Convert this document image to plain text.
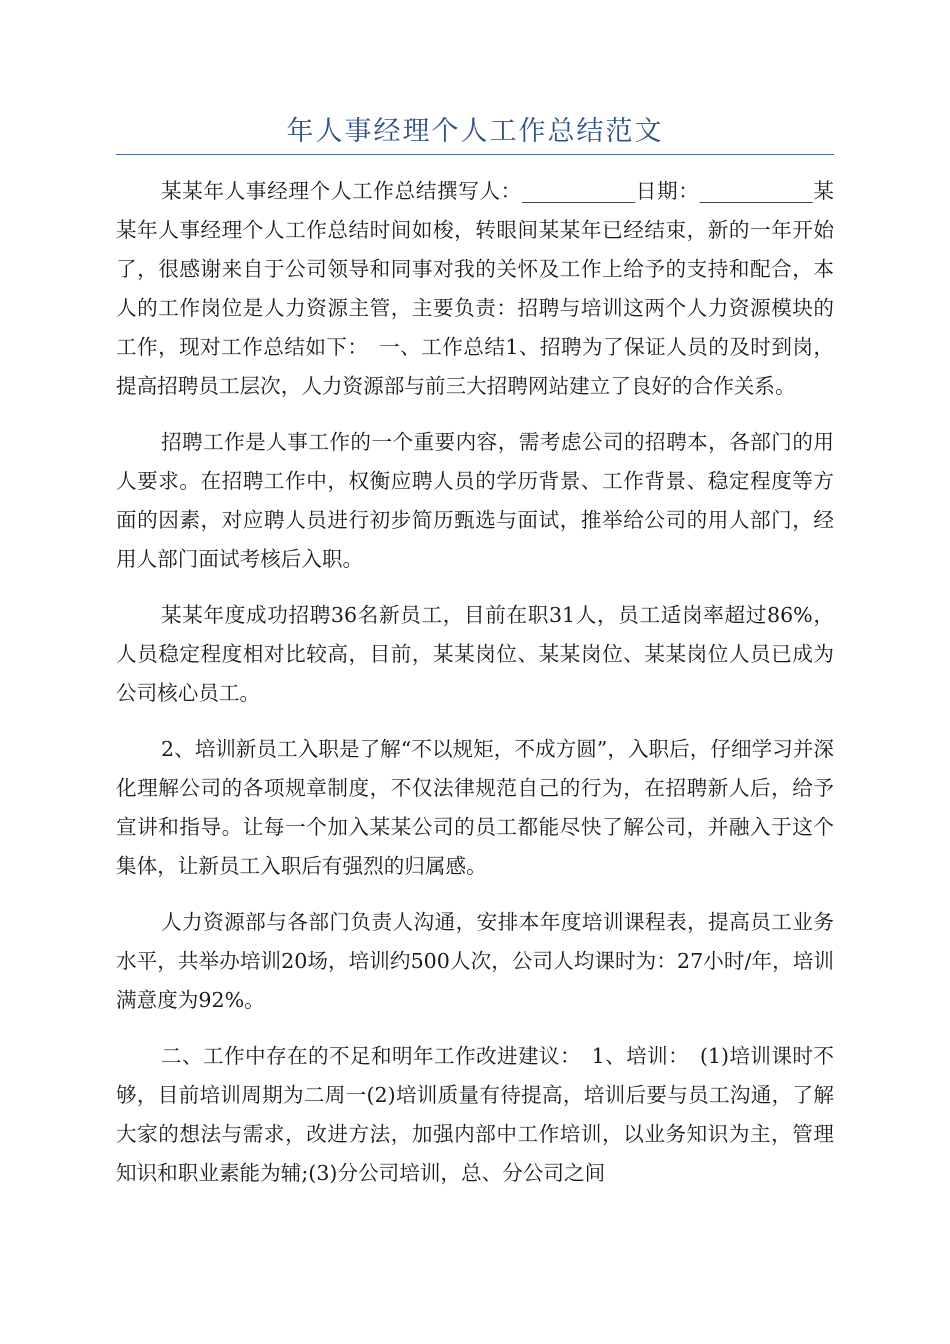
年人事经理个人工作总结范文

某某年人事经理个人工作总结撰写人：___________日期：___________某某年人事经理个人工作总结时间如梭，转眼间某某年已经结束，新的一年开始了，很感谢来自于公司领导和同事对我的关怀及工作上给予的支持和配合，本人的工作岗位是人力资源主管，主要负责：招聘与培训这两个人力资源模块的工作，现对工作总结如下：　一、工作总结1、招聘为了保证人员的及时到岗，提高招聘员工层次，人力资源部与前三大招聘网站建立了良好的合作关系。

招聘工作是人事工作的一个重要内容，需考虑公司的招聘本，各部门的用人要求。在招聘工作中，权衡应聘人员的学历背景、工作背景、稳定程度等方面的因素，对应聘人员进行初步简历甄选与面试，推举给公司的用人部门，经用人部门面试考核后入职。

某某年度成功招聘36名新员工，目前在职31人，员工适岗率超过86%，人员稳定程度相对比较高，目前，某某岗位、某某岗位、某某岗位人员已成为公司核心员工。

2、培训新员工入职是了解“不以规矩，不成方圆”，入职后，仔细学习并深化理解公司的各项规章制度，不仅法律规范自己的行为，在招聘新人后，给予宣讲和指导。让每一个加入某某公司的员工都能尽快了解公司，并融入于这个集体，让新员工入职后有强烈的归属感。

人力资源部与各部门负责人沟通，安排本年度培训课程表，提高员工业务水平，共举办培训20场，培训约500人次，公司人均课时为：27小时/年，培训满意度为92%。

二、工作中存在的不足和明年工作改进建议：　1、培训：　(1)培训课时不够，目前培训周期为二周一(2)培训质量有待提高，培训后要与员工沟通，了解大家的想法与需求，改进方法，加强内部中工作培训，以业务知识为主，管理知识和职业素能为辅;(3)分公司培训，总、分公司之间
